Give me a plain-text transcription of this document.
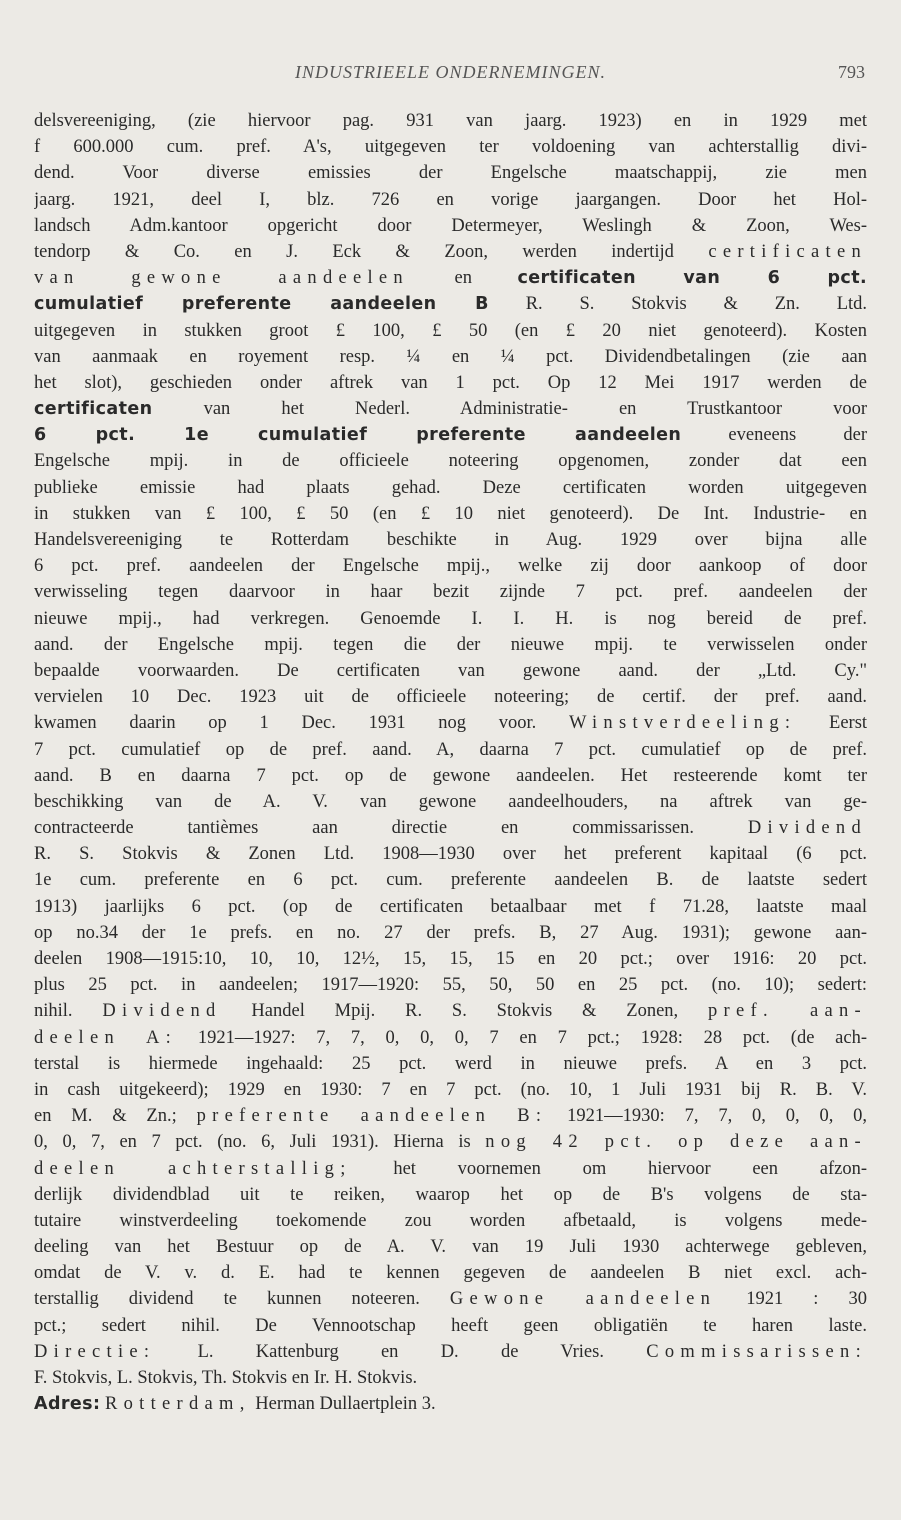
INDUSTRIEELE ONDERNEMINGEN.	793
delsvereeniging, (zie hiervoor pag. 931 van jaarg. 1923) en in 1929 met
f 600.000 cum. pref. A's, uitgegeven ter voldoening van achterstallig divi-
dend. Voor diverse emissies der Engelsche maatschappij, zie men
jaarg. 1921, deel I, blz. 726 en vorige jaargangen. Door het Hol-
landsch Adm.kantoor opgericht door Determeyer, Weslingh & Zoon, Wes-
tendorp & Co. en J. Eck & Zoon, werden indertijd certificaten
van gewone aandeelen en	certificaten van 6 pct.
cumulatief preferente aandeelen B R. S. Stokvis & Zn. Ltd.
uitgegeven in stukken groot £ 100, £ 50 (en £ 20 niet genoteerd). Kosten
van aanmaak en royement resp. ¼ en ¼ pct. Dividendbetalingen (zie aan
het slot), geschieden onder aftrek van 1 pct. Op 12 Mei 1917 werden de
certificaten	van het Nederl. Administratie- en Trustkantoor voor
6 pct. 1e cumulatief preferente aandeelen	eveneens der
Engelsche mpij. in de officieele noteering opgenomen, zonder dat een
publieke emissie had plaats gehad. Deze certificaten worden uitgegeven
in stukken van £ 100, £ 50 (en £ 10 niet genoteerd). De Int. Industrie- en
Handelsvereeniging te Rotterdam beschikte in Aug. 1929 over bijna alle
6 pct. pref. aandeelen der Engelsche mpij., welke zij door aankoop of door
verwisseling tegen daarvoor in haar bezit zijnde 7 pct. pref. aandeelen der
nieuwe mpij., had verkregen. Genoemde I. I. H. is nog bereid de pref.
aand. der Engelsche mpij. tegen die der nieuwe mpij. te verwisselen onder
bepaalde voorwaarden. De certificaten van gewone aand. der „Ltd. Cy."
vervielen 10 Dec. 1923 uit de officieele noteering; de certif. der pref. aand.
kwamen daarin op 1 Dec. 1931 nog voor. Winstverdeeling: Eerst
7 pct. cumulatief op de pref. aand. A, daarna 7 pct. cumulatief op de pref.
aand. B en daarna 7 pct. op de gewone aandeelen. Het resteerende komt ter
beschikking van de A. V. van gewone aandeelhouders, na aftrek van ge-
contracteerde tantièmes aan directie en commissarissen.	Dividend
R. S. Stokvis & Zonen Ltd. 1908—1930 over het preferent kapitaal (6 pct.
1e cum. preferente en 6 pct. cum. preferente aandeelen B. de laatste sedert
1913) jaarlijks 6 pct. (op de certificaten betaalbaar met f 71.28, laatste maal
op no.34 der 1e prefs. en no. 27 der prefs. B, 27 Aug. 1931); gewone aan-
deelen 1908—1915:10, 10, 10, 12½, 15, 15, 15 en 20 pct.; over 1916: 20 pct.
plus 25 pct. in aandeelen; 1917—1920: 55, 50, 50 en 25 pct. (no. 10); sedert:
nihil. Dividend Handel Mpij. R. S. Stokvis & Zonen, pref. aan-
deelen A: 1921—1927: 7, 7, 0, 0, 0, 7 en 7 pct.; 1928: 28 pct. (de ach-
terstal is hiermede ingehaald: 25 pct. werd in nieuwe prefs. A en 3 pct.
in cash uitgekeerd); 1929 en 1930: 7 en 7 pct. (no. 10, 1 Juli 1931 bij R. B. V.
en M. & Zn.; preferente aandeelen B: 1921—1930: 7, 7, 0, 0, 0, 0,
0, 0, 7, en 7 pct. (no. 6, Juli 1931). Hierna is nog 42 pct. op deze aan-
deelen achterstallig; het voornemen om hiervoor een afzon-
derlijk dividendblad uit te reiken, waarop het op de B's volgens de sta-
tutaire winstverdeeling toekomende zou worden afbetaald, is volgens mede-
deeling van het Bestuur op de A. V. van 19 Juli 1930 achterwege gebleven,
omdat de V. v. d. E. had te kennen gegeven de aandeelen B niet excl. ach-
terstallig dividend te kunnen noteeren. Gewone aandeelen 1921 : 30
pct.; sedert nihil. De Vennootschap heeft geen obligatiën te haren laste.
Directie: L. Kattenburg en D. de Vries. Commissarissen:
F. Stokvis, L. Stokvis, Th. Stokvis en Ir. H. Stokvis.
Adres: Rotterdam, Herman Dullaertplein 3.
